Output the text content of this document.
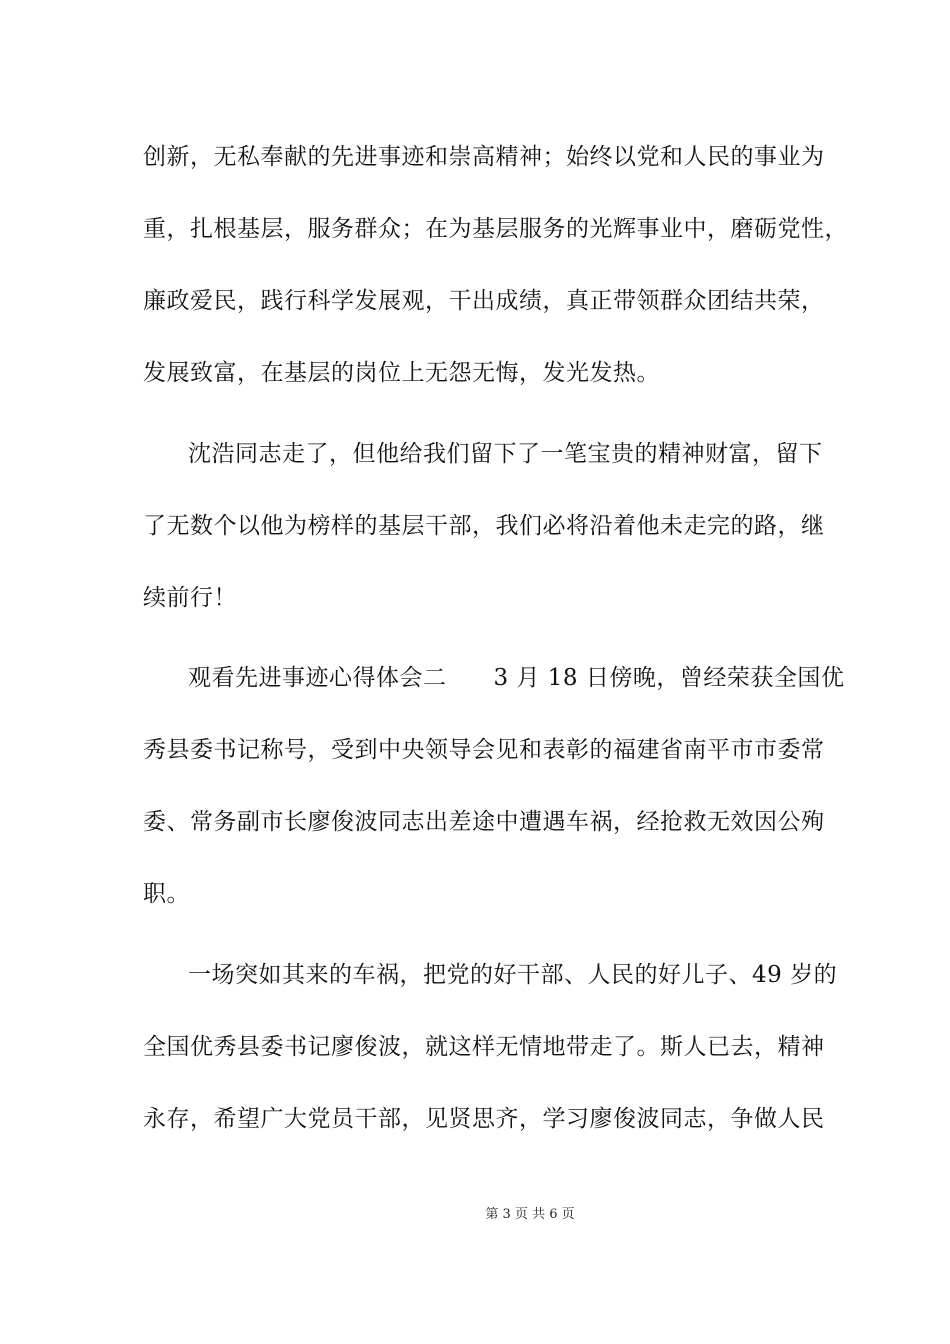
创新，无私奉献的先进事迹和崇高精神；始终以党和人民的事业为
重，扎根基层，服务群众；在为基层服务的光辉事业中，磨砺党性，
廉政爱民，践行科学发展观，干出成绩，真正带领群众团结共荣，
发展致富，在基层的岗位上无怨无悔，发光发热。
沈浩同志走了，但他给我们留下了一笔宝贵的精神财富，留下
了无数个以他为榜样的基层干部，我们必将沿着他未走完的路，继
续前行！
观看先进事迹心得体会二　　3 月 18 日傍晚，曾经荣获全国优
秀县委书记称号，受到中央领导会见和表彰的福建省南平市市委常
委、常务副市长廖俊波同志出差途中遭遇车祸，经抢救无效因公殉
职。
一场突如其来的车祸，把党的好干部、人民的好儿子、49 岁的
全国优秀县委书记廖俊波，就这样无情地带走了。斯人已去，精神
永存，希望广大党员干部，见贤思齐，学习廖俊波同志，争做人民
第 3 页 共 6 页
